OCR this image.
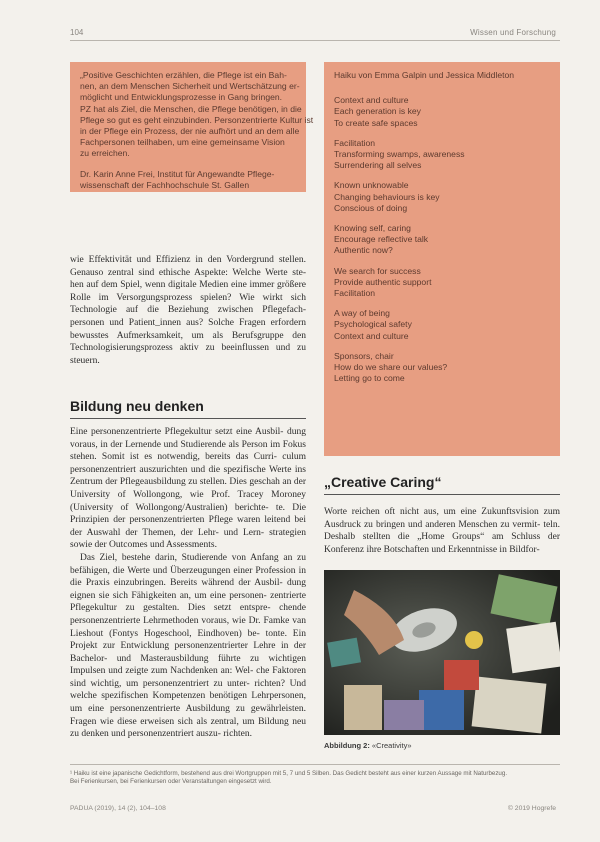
104	Wissen und Forschung

„Positive Geschichten erzählen, die Pflege ist ein Bah-
nen, an dem Menschen Sicherheit und Wertschätzung er-
möglicht und Entwicklungsprozesse in Gang bringen.
PZ hat als Ziel, die Menschen, die Pflege benötigen, in die
Pflege so gut es geht einzubinden. Personzentrierte Kultur ist
in der Pflege ein Prozess, der nie aufhört und an dem alle
Fachpersonen teilhaben, um eine gemeinsame Vision
zu erreichen.

Dr. Karin Anne Frei, Institut für Angewandte Pflege-
wissenschaft der Fachhochschule St. Gallen

wie Effektivität und Effizienz in den Vordergrund stellen. Genauso zentral sind ethische Aspekte: Welche Werte ste- hen auf dem Spiel, wenn digitale Medien eine immer größere Rolle im Versorgungsprozess spielen? Wie wirkt sich Technologie auf die Beziehung zwischen Pflegefach- personen und Patient_innen aus? Solche Fragen erfordern bewusstes Aufmerksamkeit, um als Berufsgruppe den Technologisierungsprozess aktiv zu beeinflussen und zu steuern.

Bildung neu denken

Eine personenzentrierte Pflegekultur setzt eine Ausbil- dung voraus, in der Lernende und Studierende als Person im Fokus stehen. Somit ist es notwendig, bereits das Curri- culum personenzentriert auszurichten und die spezifische Werte ins Zentrum der Pflegeausbildung zu stellen. Dies geschah an der University of Wollongong, wie Prof. Tracey Moroney (University of Wollongong/Australien) berichte- te. Die Prinzipien der personenzentrierten Pflege waren leitend bei der Auswahl der Themen, der Lehr- und Lern- strategien sowie der Outcomes und Assessments.

Das Ziel, bestehe darin, Studierende von Anfang an zu befähigen, die Werte und Überzeugungen einer Profession in die Praxis einzubringen. Bereits während der Ausbil- dung eignen sie sich Fähigkeiten an, um eine personen- zentrierte Pflegekultur zu gestalten. Dies setzt entspre- chende personenzentrierte Lehrmethoden voraus, wie Dr. Famke van Lieshout (Fontys Hogeschool, Eindhoven) be- tonte. Ein Projekt zur Entwicklung personenzentrierter Lehre in der Bachelor- und Masterausbildung führte zu wichtigen Impulsen und zeigte zum Nachdenken an: Wel- che Faktoren sind wichtig, um personenzentriert zu unter- richten? Und welche spezifischen Kompetenzen benötigen Lehrpersonen, um eine personenzentrierte Ausbildung zu gewährleisten. Fragen wie diese erweisen sich als zentral, um Bildung neu zu denken und personenzentriert auszu- richten.

Haiku von Emma Galpin und Jessica Middleton
Context and culture
Each generation is key
To create safe spaces
Facilitation
Transforming swamps, awareness
Surrendering all selves
Known unknowable
Changing behaviours is key
Conscious of doing
Knowing self, caring
Encourage reflective talk
Authentic now?
We search for success
Provide authentic support
Facilitation
A way of being
Psychological safety
Context and culture
Sponsors, chair
How do we share our values?
Letting go to come
„Creative Caring“

Worte reichen oft nicht aus, um eine Zukunftsvision zum Ausdruck zu bringen und anderen Menschen zu vermit- teln. Deshalb stellten die „Home Groups“ am Schluss der Konferenz ihre Botschaften und Erkenntnisse in Bildfor-

Abbildung 2: «Creativity»
¹ Haiku ist eine japanische Gedichtform, bestehend aus drei Wortgruppen mit 5, 7 und 5 Silben. Das Gedicht besteht aus einer kurzen Aussage mit Naturbezug.
Bei Ferienkursen, bei Ferienkursen oder Veranstaltungen eingesetzt wird.
PADUA (2019), 14 (2), 104–108	© 2019 Hogrefe
